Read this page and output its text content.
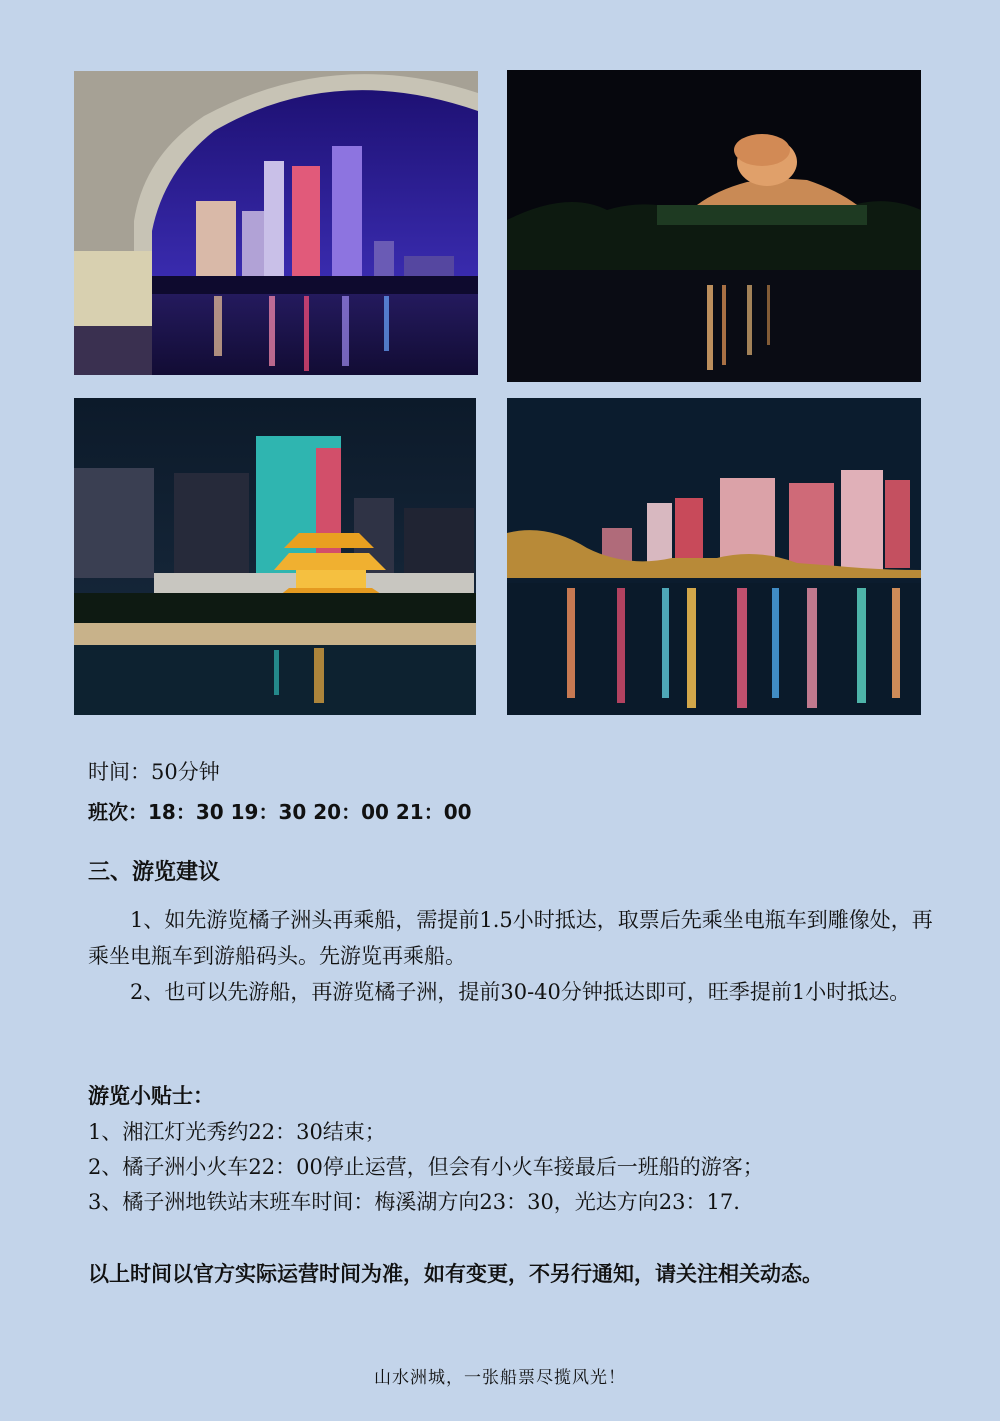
时间：50分钟
班次：18：30 19：30 20：00 21：00
三、游览建议
1、如先游览橘子洲头再乘船，需提前1.5小时抵达，取票后先乘坐电瓶车到雕像处，再乘坐电瓶车到游船码头。先游览再乘船。
2、也可以先游船，再游览橘子洲，提前30-40分钟抵达即可，旺季提前1小时抵达。
游览小贴士：
1、湘江灯光秀约22：30结束；
2、橘子洲小火车22：00停止运营，但会有小火车接最后一班船的游客；
3、橘子洲地铁站末班车时间：梅溪湖方向23：30，光达方向23：17.
以上时间以官方实际运营时间为准，如有变更，不另行通知，请关注相关动态。
山水洲城，一张船票尽揽风光！
